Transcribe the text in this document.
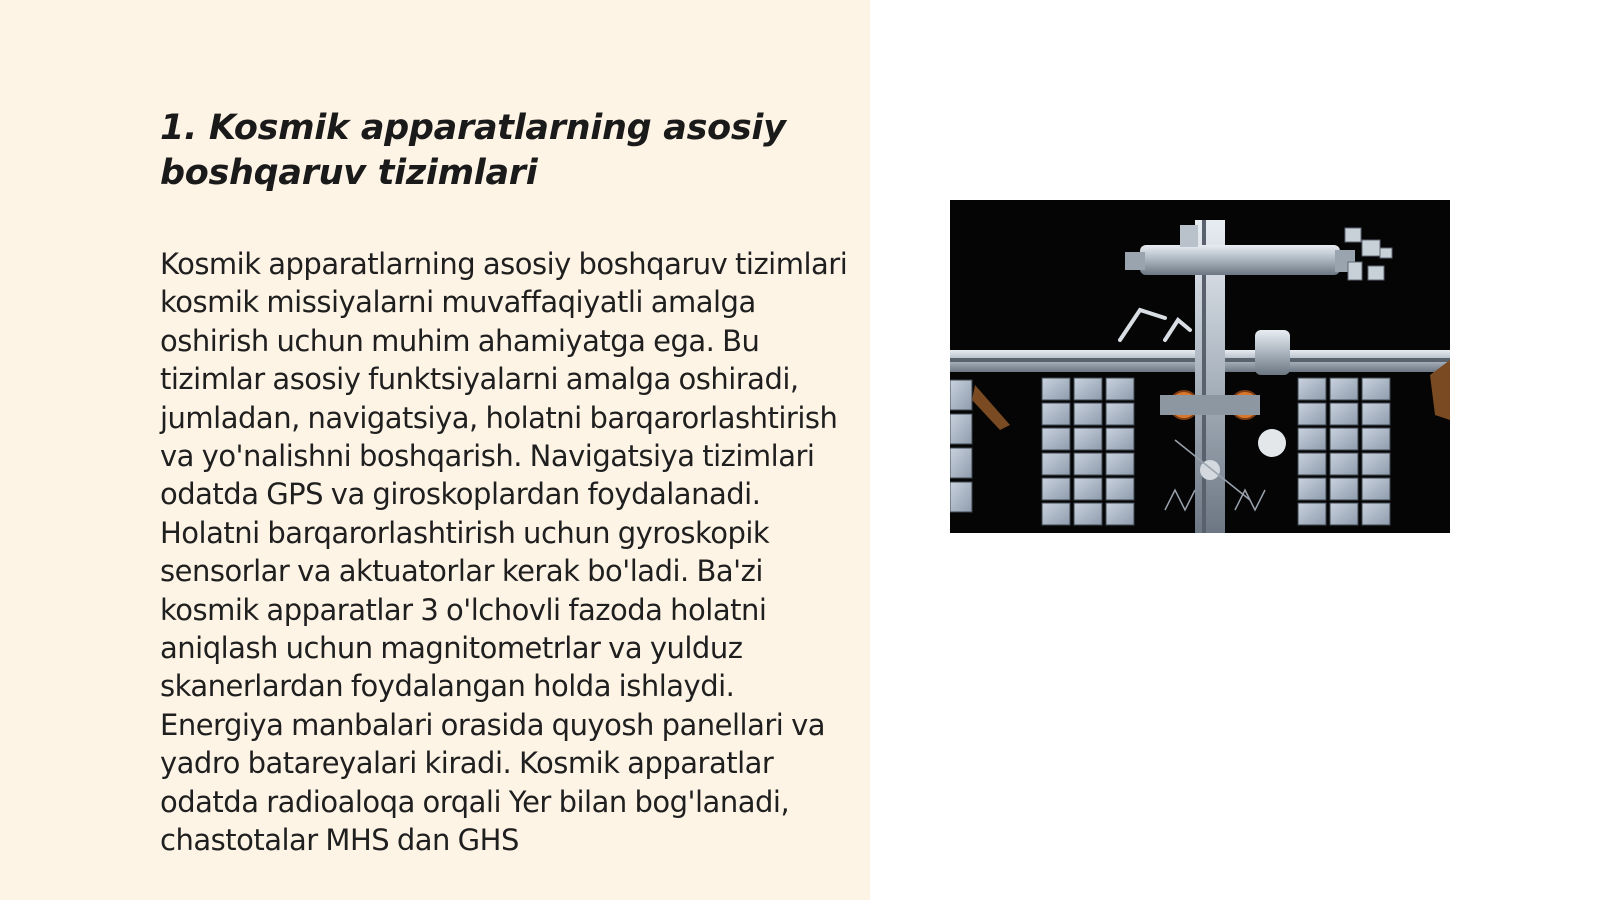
1. Kosmik apparatlarning asosiy boshqaruv tizimlari

Kosmik apparatlarning asosiy boshqaruv tizimlari kosmik missiyalarni muvaffaqiyatli amalga oshirish uchun muhim ahamiyatga ega. Bu tizimlar asosiy funktsiyalarni amalga oshiradi, jumladan, navigatsiya, holatni barqarorlashtirish va yo'nalishni boshqarish. Navigatsiya tizimlari odatda GPS va giroskoplardan foydalanadi. Holatni barqarorlashtirish uchun gyroskopik sensorlar va aktuatorlar kerak bo'ladi. Ba'zi kosmik apparatlar 3 o'lchovli fazoda holatni aniqlash uchun magnitometrlar va yulduz skanerlardan foydalangan holda ishlaydi. Energiya manbalari orasida quyosh panellari va yadro batareyalari kiradi. Kosmik apparatlar odatda radioaloqa orqali Yer bilan bog'lanadi, chastotalar MHS dan GHS
